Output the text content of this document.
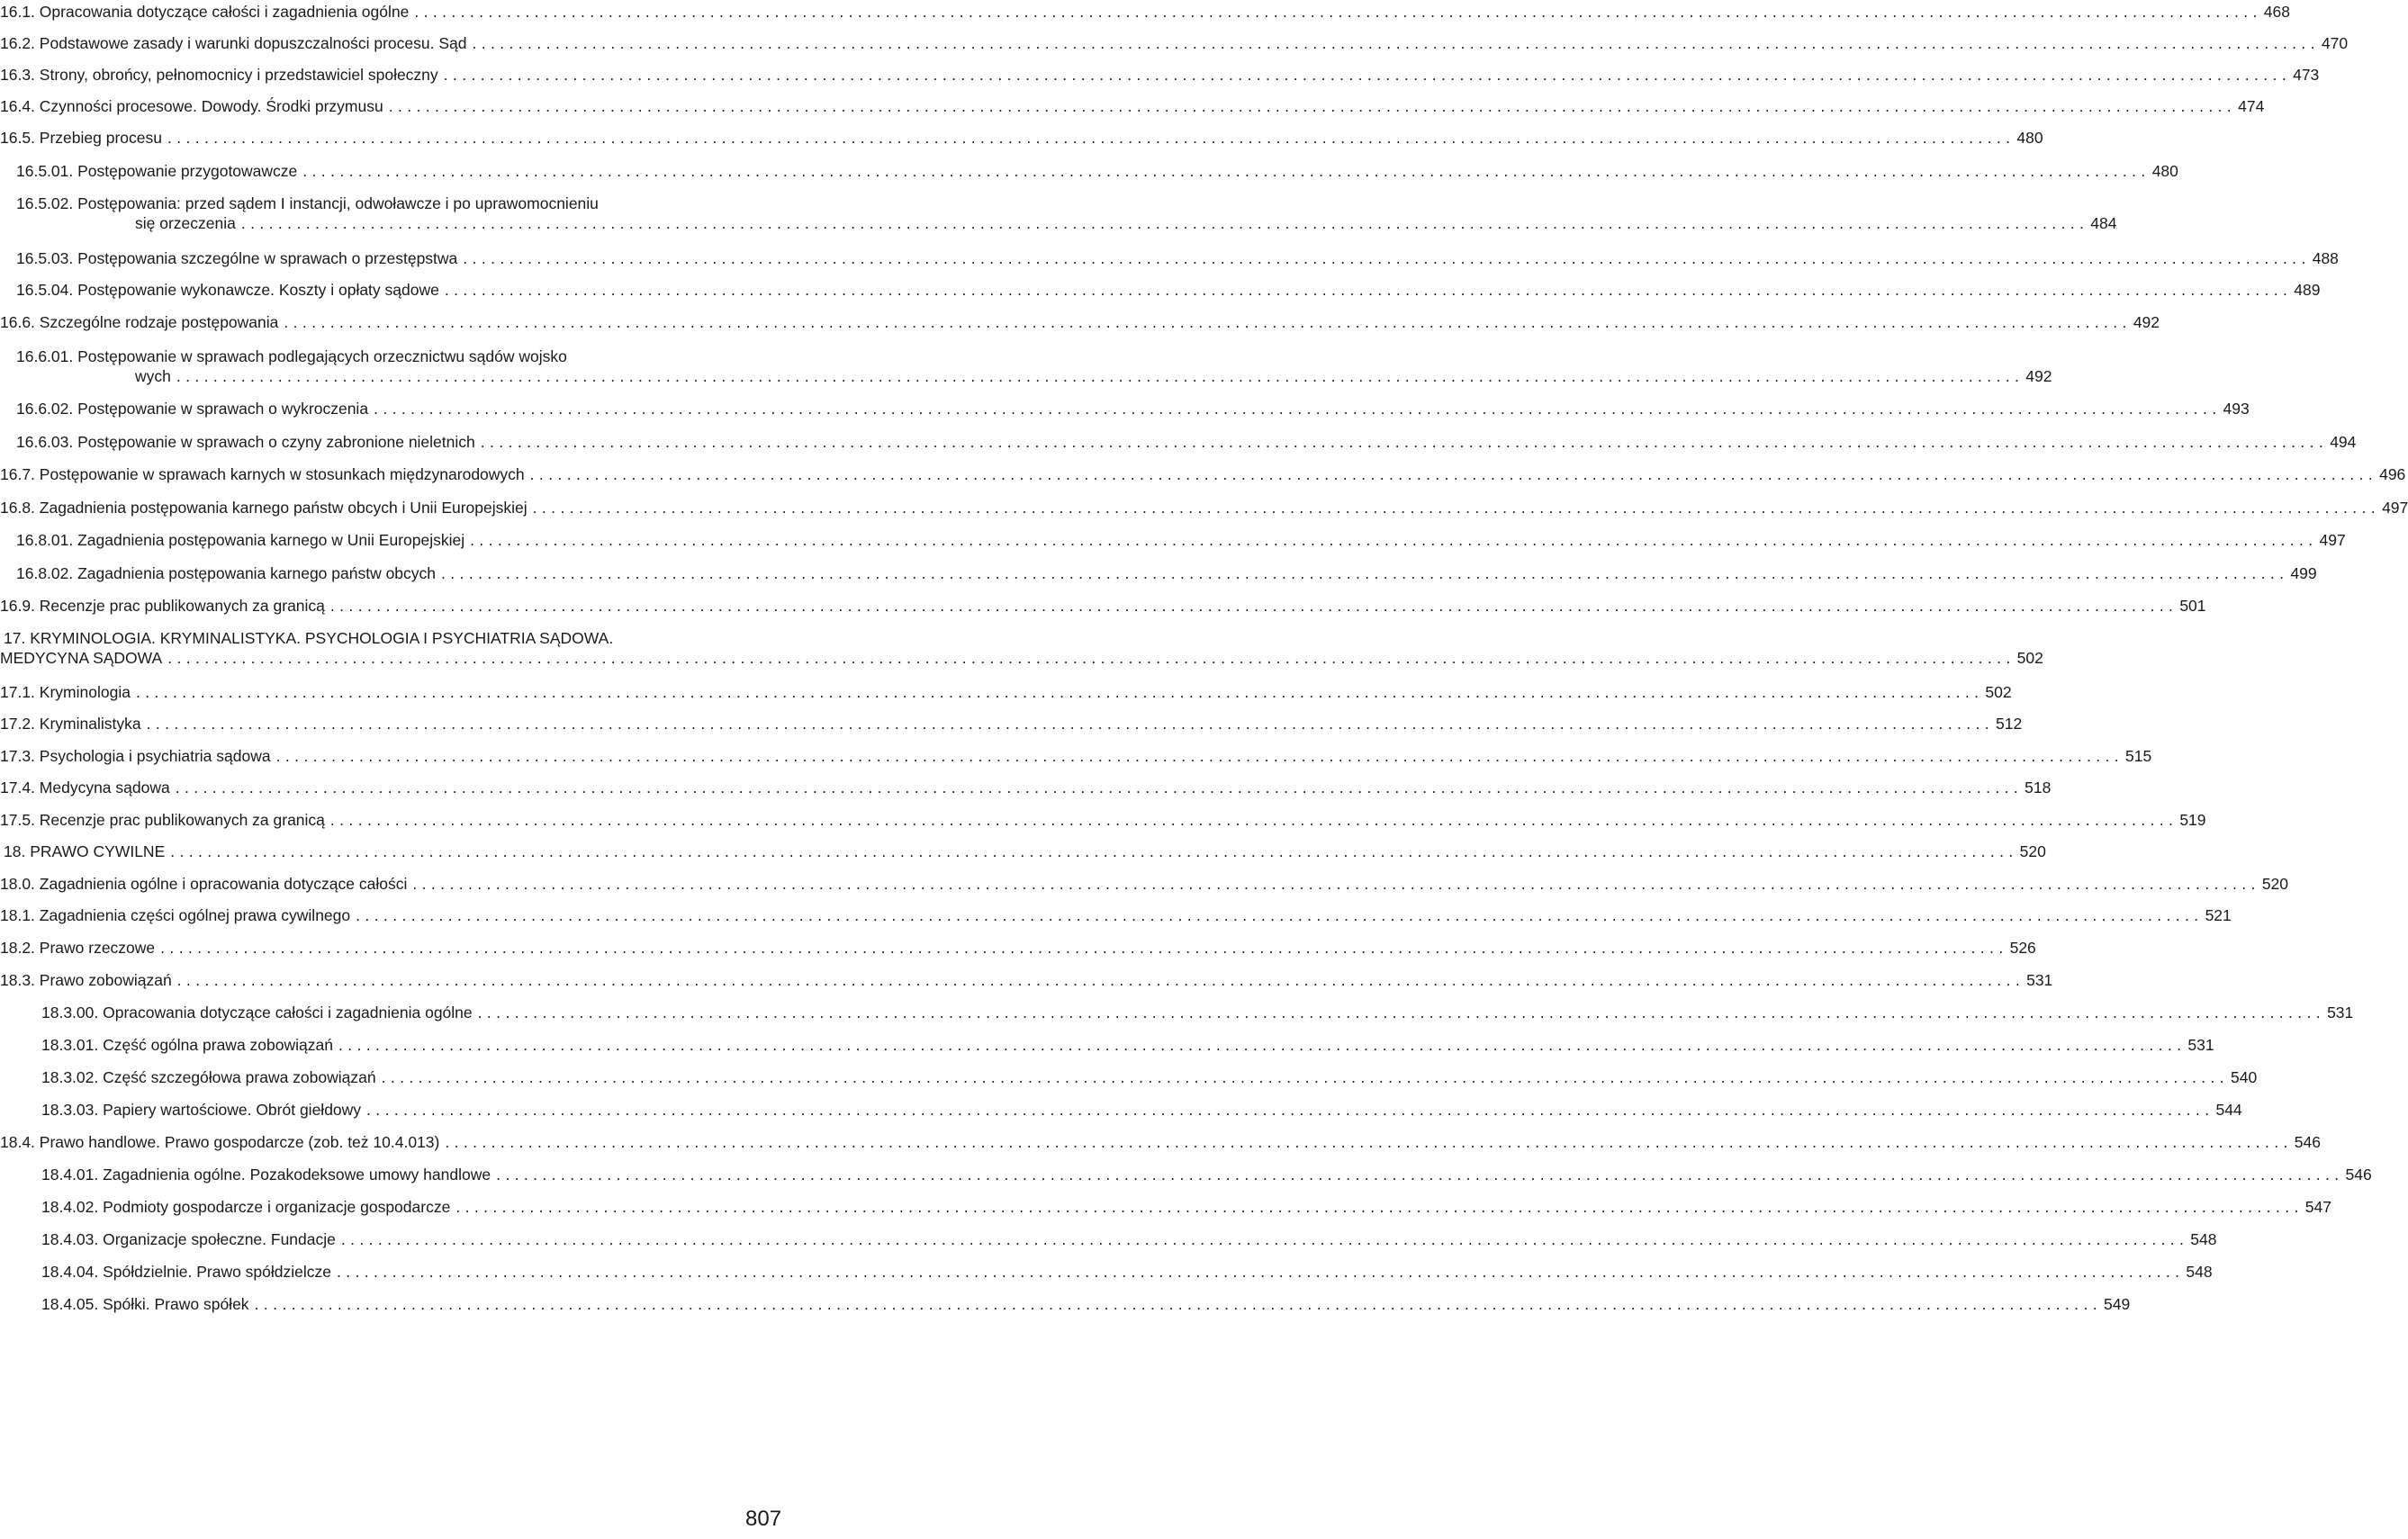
16.1. Opracowania dotyczące całości i zagadnienia ogólne ........................................................................................................................................................................................................ 468
16.2. Podstawowe zasady i warunki dopuszczalności procesu. Sąd ........................................................................................................................................................................................................ 470
16.3. Strony, obrońcy, pełnomocnicy i przedstawiciel społeczny ........................................................................................................................................................................................................ 473
16.4. Czynności procesowe. Dowody. Środki przymusu ........................................................................................................................................................................................................ 474
16.5. Przebieg procesu ........................................................................................................................................................................................................ 480
16.5.01. Postępowanie przygotowawcze ........................................................................................................................................................................................................ 480
16.5.02. Postępowania: przed sądem I instancji, odwoławcze i po uprawomocnieniu
się orzeczenia ........................................................................................................................................................................................................ 484
16.5.03. Postępowania szczególne w sprawach o przestępstwa ........................................................................................................................................................................................................ 488
16.5.04. Postępowanie wykonawcze. Koszty i opłaty sądowe ........................................................................................................................................................................................................ 489
16.6. Szczególne rodzaje postępowania ........................................................................................................................................................................................................ 492
16.6.01. Postępowanie w sprawach podlegających orzecznictwu sądów wojsko
wych ........................................................................................................................................................................................................ 492
16.6.02. Postępowanie w sprawach o wykroczenia ........................................................................................................................................................................................................ 493
16.6.03. Postępowanie w sprawach o czyny zabronione nieletnich ........................................................................................................................................................................................................ 494
16.7. Postępowanie w sprawach karnych w stosunkach międzynarodowych ........................................................................................................................................................................................................ 496
16.8. Zagadnienia postępowania karnego państw obcych i Unii Europejskiej ........................................................................................................................................................................................................ 497
16.8.01. Zagadnienia postępowania karnego w Unii Europejskiej ........................................................................................................................................................................................................ 497
16.8.02. Zagadnienia postępowania karnego państw obcych ........................................................................................................................................................................................................ 499
16.9. Recenzje prac publikowanych za granicą ........................................................................................................................................................................................................ 501
17. KRYMINOLOGIA. KRYMINALISTYKA. PSYCHOLOGIA I PSYCHIATRIA SĄDOWA.
MEDYCYNA SĄDOWA ........................................................................................................................................................................................................ 502
17.1. Kryminologia ........................................................................................................................................................................................................ 502
17.2. Kryminalistyka ........................................................................................................................................................................................................ 512
17.3. Psychologia i psychiatria sądowa ........................................................................................................................................................................................................ 515
17.4. Medycyna sądowa ........................................................................................................................................................................................................ 518
17.5. Recenzje prac publikowanych za granicą ........................................................................................................................................................................................................ 519
18. PRAWO CYWILNE ........................................................................................................................................................................................................ 520
18.0. Zagadnienia ogólne i opracowania dotyczące całości ........................................................................................................................................................................................................ 520
18.1. Zagadnienia części ogólnej prawa cywilnego ........................................................................................................................................................................................................ 521
18.2. Prawo rzeczowe ........................................................................................................................................................................................................ 526
18.3. Prawo zobowiązań ........................................................................................................................................................................................................ 531
18.3.00. Opracowania dotyczące całości i zagadnienia ogólne ........................................................................................................................................................................................................ 531
18.3.01. Część ogólna prawa zobowiązań ........................................................................................................................................................................................................ 531
18.3.02. Część szczegółowa prawa zobowiązań ........................................................................................................................................................................................................ 540
18.3.03. Papiery wartościowe. Obrót giełdowy ........................................................................................................................................................................................................ 544
18.4. Prawo handlowe. Prawo gospodarcze (zob. też 10.4.013) ........................................................................................................................................................................................................ 546
18.4.01. Zagadnienia ogólne. Pozakodeksowe umowy handlowe ........................................................................................................................................................................................................ 546
18.4.02. Podmioty gospodarcze i organizacje gospodarcze ........................................................................................................................................................................................................ 547
18.4.03. Organizacje społeczne. Fundacje ........................................................................................................................................................................................................ 548
18.4.04. Spółdzielnie. Prawo spółdzielcze ........................................................................................................................................................................................................ 548
18.4.05. Spółki. Prawo spółek ........................................................................................................................................................................................................ 549
807
